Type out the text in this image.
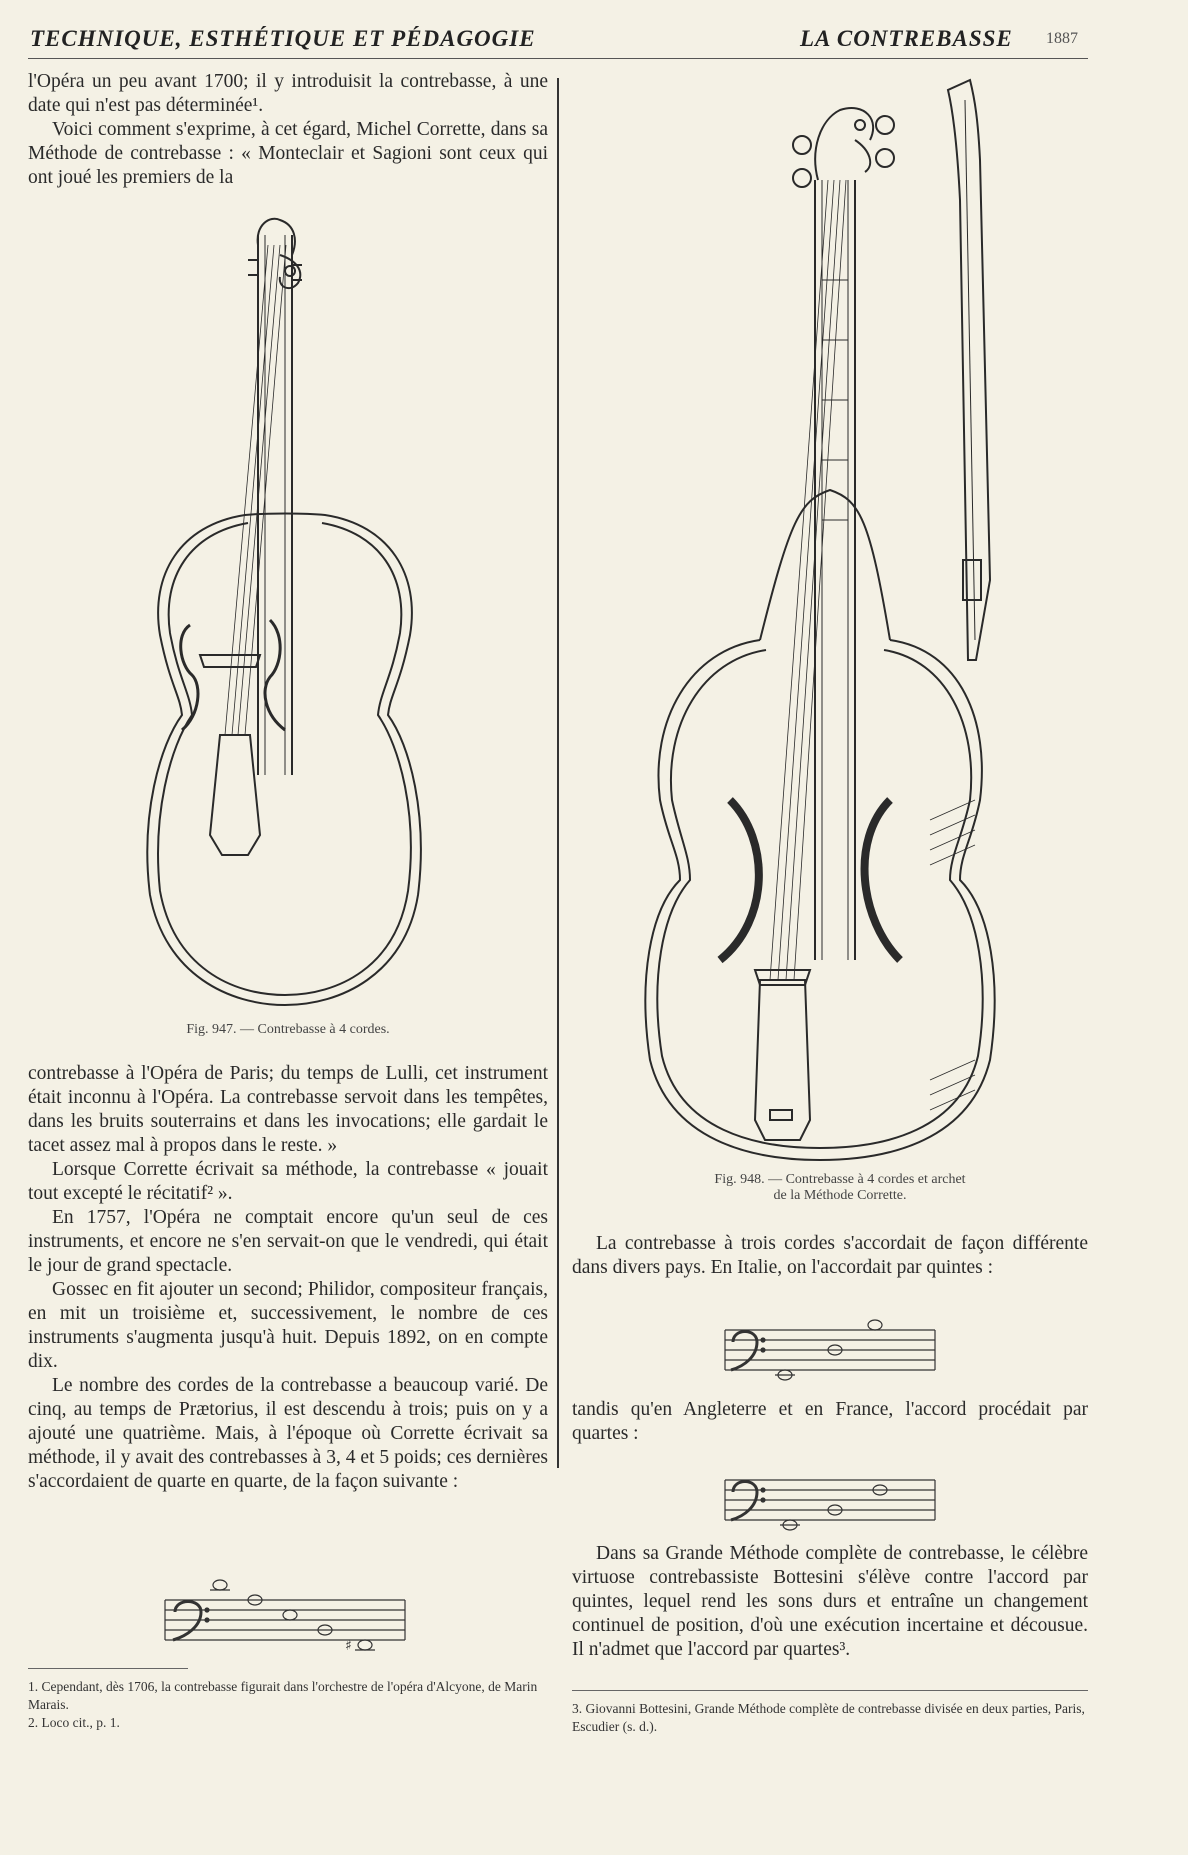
TECHNIQUE, ESTHÉTIQUE ET PÉDAGOGIE	LA CONTREBASSE 1887

l'Opéra un peu avant 1700; il y introduisit la contrebasse, à une date qui n'est pas déterminée¹.

Voici comment s'exprime, à cet égard, Michel Corrette, dans sa Méthode de contrebasse : « Monteclair et Sagioni sont ceux qui ont joué les premiers de la

Fig. 947. — Contrebasse à 4 cordes.

contrebasse à l'Opéra de Paris; du temps de Lulli, cet instrument était inconnu à l'Opéra. La contrebasse servoit dans les tempêtes, dans les bruits souterrains et dans les invocations; elle gardait le tacet assez mal à propos dans le reste. »

Lorsque Corrette écrivait sa méthode, la contrebasse « jouait tout excepté le récitatif² ».

En 1757, l'Opéra ne comptait encore qu'un seul de ces instruments, et encore ne s'en servait-on que le vendredi, qui était le jour de grand spectacle.

Gossec en fit ajouter un second; Philidor, compositeur français, en mit un troisième et, successivement, le nombre de ces instruments s'augmenta jusqu'à huit. Depuis 1892, on en compte dix.

Le nombre des cordes de la contrebasse a beaucoup varié. De cinq, au temps de Prætorius, il est descendu à trois; puis on y a ajouté une quatrième. Mais, à l'époque où Corrette écrivait sa méthode, il y avait des contrebasses à 3, 4 et 5 poids; ces dernières s'accordaient de quarte en quarte, de la façon suivante :

♯
1. Cependant, dès 1706, la contrebasse figurait dans l'orchestre de l'opéra d'Alcyone, de Marin Marais.
2. Loco cit., p. 1.
Fig. 948. — Contrebasse à 4 cordes et archet
de la Méthode Corrette.

La contrebasse à trois cordes s'accordait de façon différente dans divers pays. En Italie, on l'accordait par quintes :

tandis qu'en Angleterre et en France, l'accord procédait par quartes :

Dans sa Grande Méthode complète de contrebasse, le célèbre virtuose contrebassiste Bottesini s'élève contre l'accord par quintes, lequel rend les sons durs et entraîne un changement continuel de position, d'où une exécution incertaine et décousue. Il n'admet que l'accord par quartes³.

3. Giovanni Bottesini, Grande Méthode complète de contrebasse divisée en deux parties, Paris, Escudier (s. d.).
